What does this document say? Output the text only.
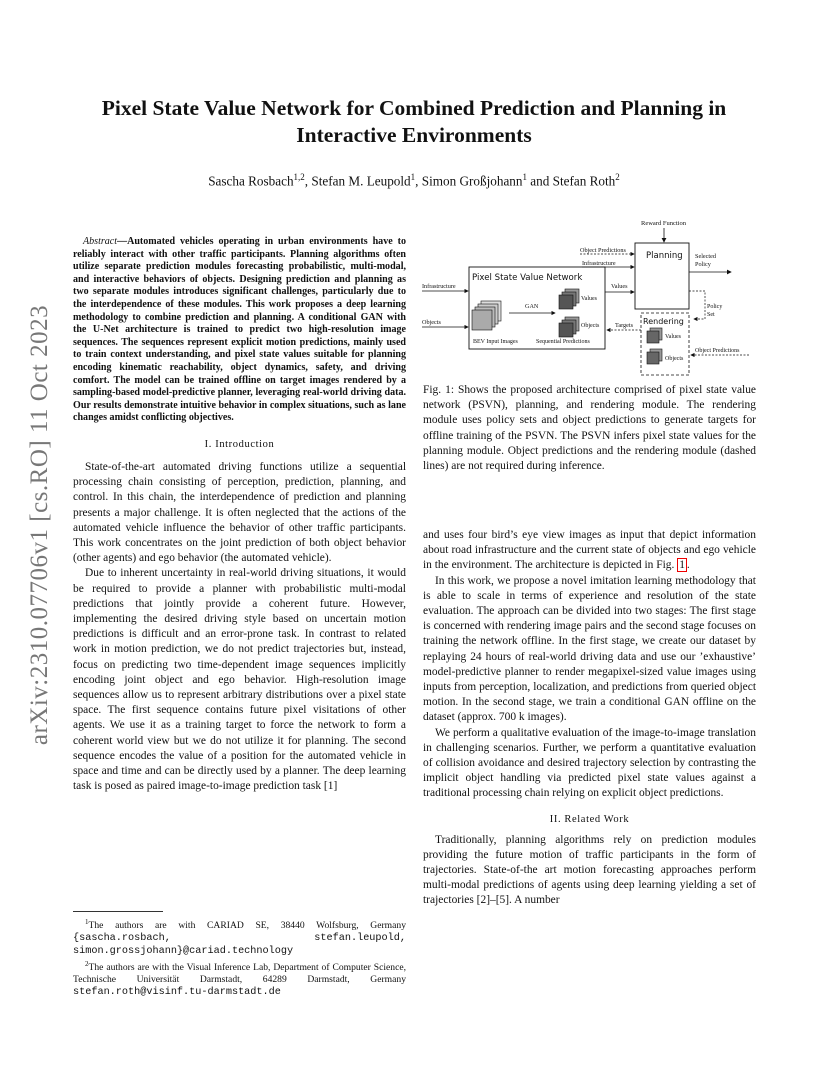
arXiv:2310.07706v1 [cs.RO] 11 Oct 2023
Pixel State Value Network for Combined Prediction and Planning in Interactive Environments
Sascha Rosbach$^{1,2}$, Stefan M. Leupold$^1$, Simon Großjohann$^1$ and Stefan Roth$^2$

Abstract—Automated vehicles operating in urban environments have to reliably interact with other traffic participants. Planning algorithms often utilize separate prediction modules forecasting probabilistic, multi-modal, and interactive behaviors of objects. Designing prediction and planning as two separate modules introduces significant challenges, particularly due to the interdependence of these modules. This work proposes a deep learning methodology to combine prediction and planning. A conditional GAN with the U-Net architecture is trained to predict two high-resolution image sequences. The sequences represent explicit motion predictions, mainly used to train context understanding, and pixel state values suitable for planning encoding kinematic reachability, object dynamics, safety, and driving comfort. The model can be trained offline on target images rendered by a sampling-based model-predictive planner, leveraging real-world driving data. Our results demonstrate intuitive behavior in complex situations, such as lane changes amidst conflicting objectives.

I. Introduction

State-of-the-art automated driving functions utilize a sequential processing chain consisting of perception, prediction, planning, and control. In this chain, the interdependence of prediction and planning presents a major challenge. It is often neglected that the actions of the automated vehicle influence the behavior of other traffic participants. This work concentrates on the joint prediction of both object behavior (other agents) and ego behavior (the automated vehicle).

Due to inherent uncertainty in real-world driving situations, it would be required to provide a planner with probabilistic multi-modal predictions that jointly provide a coherent future. However, implementing the desired driving style based on uncertain motion predictions is difficult and an error-prone task. In contrast to related work in motion prediction, we do not predict trajectories but, instead, focus on predicting two time-dependent image sequences implicitly encoding joint object and ego behavior. High-resolution image sequences allow us to represent arbitrary distributions over a pixel state space. The first sequence contains future pixel visitations of other agents. We use it as a training target to force the network to form a coherent world view but we do not utilize it for planning. The second sequence encodes the value of a position for the automated vehicle in space and time and can be directly used by a planner. The deep learning task is posed as paired image-to-image prediction task [1]

$^1$The authors are with CARIAD SE, 38440 Wolfsburg, Germany {sascha.rosbach, stefan.leupold, simon.grossjohann}@cariad.technology

$^2$The authors are with the Visual Inference Lab, Department of Computer Science, Technische Universität Darmstadt, 64289 Darmstadt, Germany stefan.roth@visinf.tu-darmstadt.de

Reward Function
Planning
Object Predictions
Infrastructure
Selected
Policy
Pixel State Value Network
Infrastructure
Objects
GAN
Values
Objects
BEV Input Images	Sequential Predictions
Values
Targets
Policy
Set
Rendering
Values
Objects
Object Predictions

Fig. 1: Shows the proposed architecture comprised of pixel state value network (PSVN), planning, and rendering module. The rendering module uses policy sets and object predictions to generate targets for offline training of the PSVN. The PSVN infers pixel state values for the planning module. Object predictions and the rendering module (dashed lines) are not required during inference.

and uses four bird’s eye view images as input that depict information about road infrastructure and the current state of objects and ego vehicle in the environment. The architecture is depicted in Fig. 1 .

In this work, we propose a novel imitation learning methodology that is able to scale in terms of experience and resolution of the state evaluation. The approach can be divided into two stages: The first stage is concerned with rendering image pairs and the second stage focuses on training the network offline. In the first stage, we create our dataset by replaying 24 hours of real-world driving data and use our ’exhaustive’ model-predictive planner to render megapixel-sized value images using inputs from perception, localization, and predictions from queried object motion. In the second stage, we train a conditional GAN offline on the dataset (approx. 700 k images).

We perform a qualitative evaluation of the image-to-image translation in challenging scenarios. Further, we perform a quantitative evaluation of collision avoidance and desired trajectory selection by contrasting the implicit object handling via predicted pixel state values against a traditional processing chain relying on explicit object predictions.

II. Related Work

Traditionally, planning algorithms rely on prediction modules providing the future motion of traffic participants in the form of trajectories. State-of-the art motion forecasting approaches perform multi-modal predictions of agents using deep learning yielding a set of trajectories [2]–[5]. A number
